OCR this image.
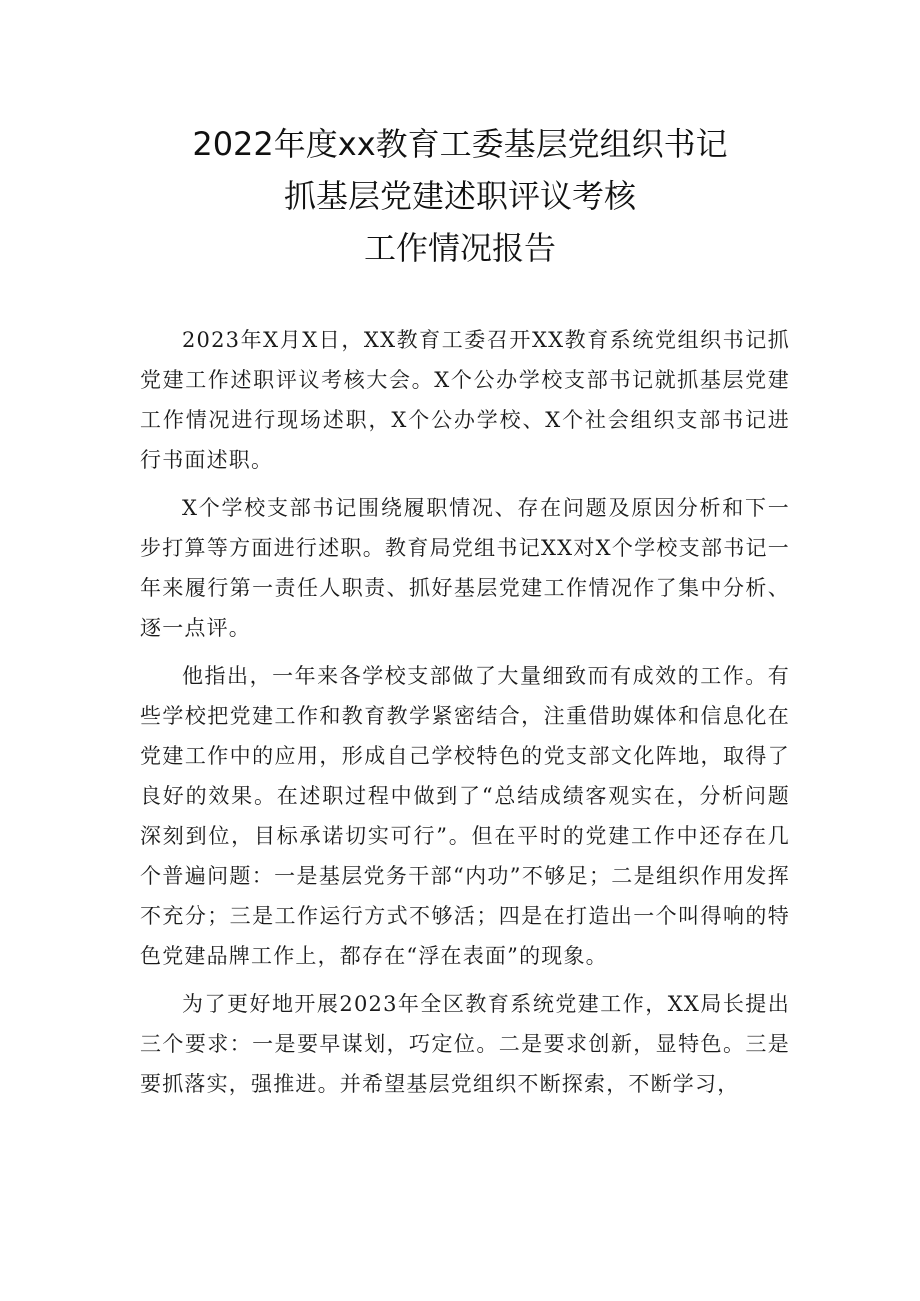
2022年度xx教育工委基层党组织书记
抓基层党建述职评议考核
工作情况报告

2023年X月X日，XX教育工委召开XX教育系统党组织书记抓党建工作述职评议考核大会。X个公办学校支部书记就抓基层党建工作情况进行现场述职，X个公办学校、X个社会组织支部书记进行书面述职。

X个学校支部书记围绕履职情况、存在问题及原因分析和下一步打算等方面进行述职。教育局党组书记XX对X个学校支部书记一年来履行第一责任人职责、抓好基层党建工作情况作了集中分析、逐一点评。

他指出，一年来各学校支部做了大量细致而有成效的工作。有些学校把党建工作和教育教学紧密结合，注重借助媒体和信息化在党建工作中的应用，形成自己学校特色的党支部文化阵地，取得了良好的效果。在述职过程中做到了“总结成绩客观实在，分析问题深刻到位，目标承诺切实可行”。但在平时的党建工作中还存在几个普遍问题：一是基层党务干部“内功”不够足；二是组织作用发挥不充分；三是工作运行方式不够活；四是在打造出一个叫得响的特色党建品牌工作上，都存在“浮在表面”的现象。

为了更好地开展2023年全区教育系统党建工作，XX局长提出三个要求：一是要早谋划，巧定位。二是要求创新，显特色。三是要抓落实，强推进。并希望基层党组织不断探索，不断学习，
